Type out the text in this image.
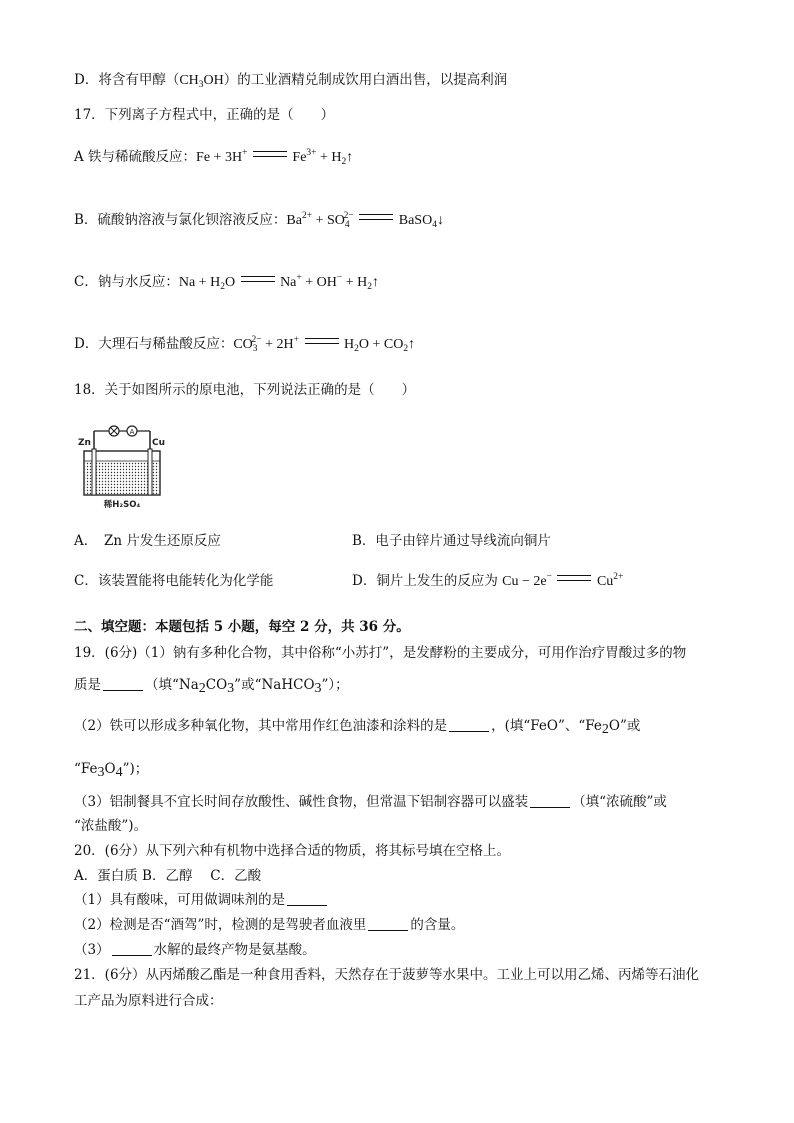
D．将含有甲醇$(CH_3OH)$的工业酒精兑制成饮用白酒出售，以提高利润
17．下列离子方程式中，正确的是（　　）
A 铁与稀硫酸反应：Fe + 3H+	$Fe^{3+}$ + $H_2↑$
B．硫酸钠溶液与氯化钡溶液反应：$Ba^{2+} + SO_4^{2-}$	BaSO$_4$↓
C．钠与水反应：$Na + H_2O$	$Na^+ + OH^- + H_2↑$
D．大理石与稀盐酸反应：$CO_3^{2-} + 2H^+$	$H_2O$ + $CO_2↑$
18．关于如图所示的原电池，下列说法正确的是（　　）
A
Zn	Cu
稀H₂SO₄
A．　Zn 片发生还原反应	B．电子由锌片通过导线流向铜片
C．该装置能将电能转化为化学能	D．铜片上发生的反应为 Cu − 2e−	$Cu^{2+}$
二、填空题：本题包括 5 小题，每空 2 分，共 36 分。
19．(6分)（1）钠有多种化合物，其中俗称“小苏打”，是发酵粉的主要成分，可用作治疗胃酸过多的物
质是	（填“$Na_2CO_3$”或“NaHCO$_3$”）；
（2）铁可以形成多种氧化物，其中常用作红色油漆和涂料的是	，(填“FeO”、“$Fe_2O$”或
“$Fe_3O_4$”)；
（3）铝制餐具不宜长时间存放酸性、碱性食物，但常温下铝制容器可以盛装	（填“浓硫酸”或
“浓盐酸”)。
20．(6分）从下列六种有机物中选择合适的物质，将其标号填在空格上。
A．蛋白质 B．乙醇　 C．乙酸
（1）具有酸味，可用做调味剂的是
（2）检测是否“酒驾”时，检测的是驾驶者血液里	的含量。
（3）	水解的最终产物是氨基酸。
21．(6分）从丙烯酸乙酯是一种食用香料，天然存在于菠萝等水果中。工业上可以用乙烯、丙烯等石油化
工产品为原料进行合成：
